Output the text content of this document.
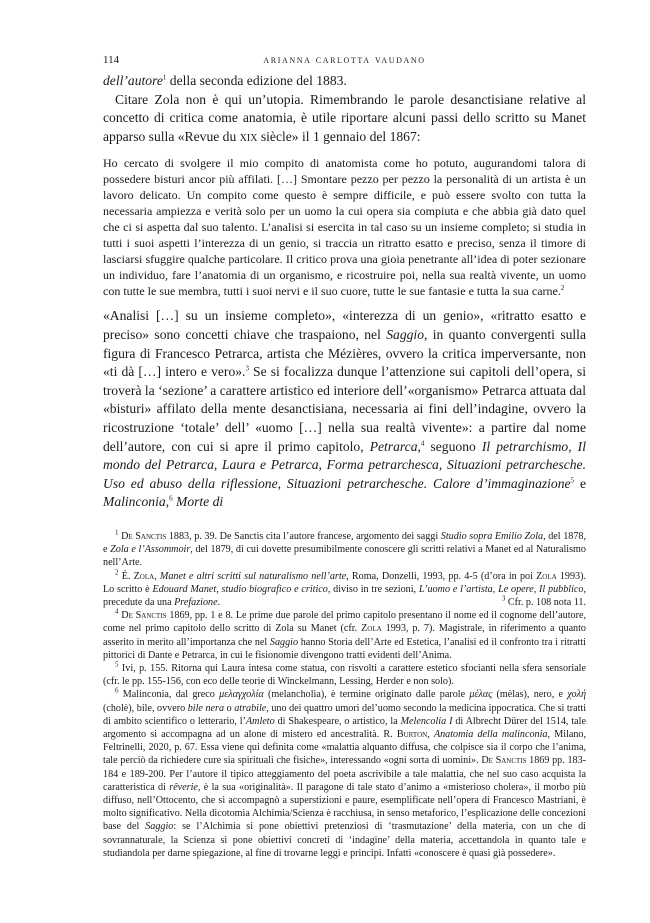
114	arianna carlotta vaudano

dell’autore$^1$ della seconda edizione del 1883.

Citare Zola non è qui un’utopia. Rimembrando le parole desanctisiane relative al concetto di critica come anatomia, è utile riportare alcuni passi dello scritto su Manet apparso sulla «Revue du xix siècle» il 1 gennaio del 1867:

Ho cercato di svolgere il mio compito di anatomista come ho potuto, augurandomi talora di possedere bisturi ancor più affilati. […] Smontare pezzo per pezzo la personalità di un artista è un lavoro delicato. Un compito come questo è sempre difficile, e può essere svolto con tutta la necessaria ampiezza e verità solo per un uomo la cui opera sia compiuta e che abbia già dato quel che ci si aspetta dal suo talento. L’analisi si esercita in tal caso su un insieme completo; si studia in tutti i suoi aspetti l’interezza di un genio, si traccia un ritratto esatto e preciso, senza il timore di lasciarsi sfuggire qualche particolare. Il critico prova una gioia penetrante all’idea di poter sezionare un individuo, fare l’anatomia di un organismo, e ricostruire poi, nella sua realtà vivente, un uomo con tutte le sue membra, tutti i suoi nervi e il suo cuore, tutte le sue fantasie e tutta la sua carne.$^2$

«Analisi […] su un insieme completo», «interezza di un genio», «ritratto esatto e preciso» sono concetti chiave che traspaiono, nel Saggio, in quanto convergenti sulla figura di Francesco Petrarca, artista che Mézières, ovvero la critica imperversante, non «ti dà […] intero e vero».$^3$ Se si focalizza dunque l’attenzione sui capitoli dell’opera, si troverà la ‘sezione’ a carattere artistico ed interiore dell’«organismo» Petrarca attuata dal «bisturi» affilato della mente desanctisiana, necessaria ai fini dell’indagine, ovvero la ricostruzione ‘totale’ dell’ «uomo […] nella sua realtà vivente»: a partire dal nome dell’autore, con cui si apre il primo capitolo, Petrarca,$^4$ seguono Il petrarchismo, Il mondo del Petrarca, Laura e Petrarca, Forma petrarchesca, Situazioni petrarchesche. Uso ed abuso della riflessione, Situazioni petrarchesche. Calore d’immaginazione$^5$ e Malinconia,$^6$ Morte di

$^1$ De Sanctis 1883, p. 39. De Sanctis cita l’autore francese, argomento dei saggi Studio sopra Emilio Zola, del 1878, e Zola e l’Assommoir, del 1879, di cui dovette presumibilmente conoscere gli scritti relativi a Manet ed al Naturalismo nell’Arte.

$^2$ É. Zola, Manet e altri scritti sul naturalismo nell’arte, Roma, Donzelli, 1993, pp. 4-5 (d’ora in poi Zola 1993). Lo scritto è Edouard Manet, studio biografico e critico, diviso in tre sezioni, L’uomo e l’artista, Le opere, Il pubblico, precedute da una Prefazione.	$^3$ Cfr. p. 108 nota 11.

$^4$ De Sanctis 1869, pp. 1 e 8. Le prime due parole del primo capitolo presentano il nome ed il cognome dell’autore, come nel primo capitolo dello scritto di Zola su Manet (cfr. Zola 1993, p. 7). Magistrale, in riferimento a quanto asserito in merito all’importanza che nel Saggio hanno Storia dell’Arte ed Estetica, l’analisi ed il confronto tra i ritratti pittorici di Dante e Petrarca, in cui le fisionomie divengono tratti evidenti dell’Anima.

$^5$ Ivi, p. 155. Ritorna qui Laura intesa come statua, con risvolti a carattere estetico sfocianti nella sfera sensoriale (cfr. le pp. 155-156, con eco delle teorie di Winckelmann, Lessing, Herder e non solo).

$^6$ Malinconia, dal greco μελαγχολία (melancholia), è termine originato dalle parole μέλας (mèlas), nero, e χολή (cholè), bile, ovvero bile nera o atrabile, uno dei quattro umori del’uomo secondo la medicina ippocratica. Che si tratti di ambito scientifico o letterario, l’Amleto di Shakespeare, o artistico, la Melencolia I di Albrecht Dürer del 1514, tale argomento si accompagna ad un alone di mistero ed ancestralità. R. Burton, Anatomia della malinconia, Milano, Feltrinelli, 2020, p. 67. Essa viene qui definita come «malattia alquanto diffusa, che colpisce sia il corpo che l’anima, tale perciò da richiedere cure sia spirituali che fisiche», interessando «ogni sorta di uomini». De Sanctis 1869 pp. 183-184 e 189-200. Per l’autore il tipico atteggiamento del poeta ascrivibile a tale malattia, che nel suo caso acquista la caratteristica di rêverie, è la sua «originalità». Il paragone di tale stato d’animo a «misterioso cholera», il morbo più diffuso, nell’Ottocento, che si accompagnò a superstizioni e paure, esemplificate nell’opera di Francesco Mastriani, è molto significativo. Nella dicotomia Alchimia/Scienza è racchiusa, in senso metaforico, l’esplicazione delle concezioni base del Saggio: se l’Alchimia si pone obiettivi pretenziosi di ‘trasmutazione’ della materia, con un che di sovrannaturale, la Scienza si pone obiettivi concreti di ‘indagine’ della materia, accettandola in quanto tale e studiandola per darne spiegazione, al fine di trovarne leggi e principi. Infatti «conoscere è quasi già possedere».
